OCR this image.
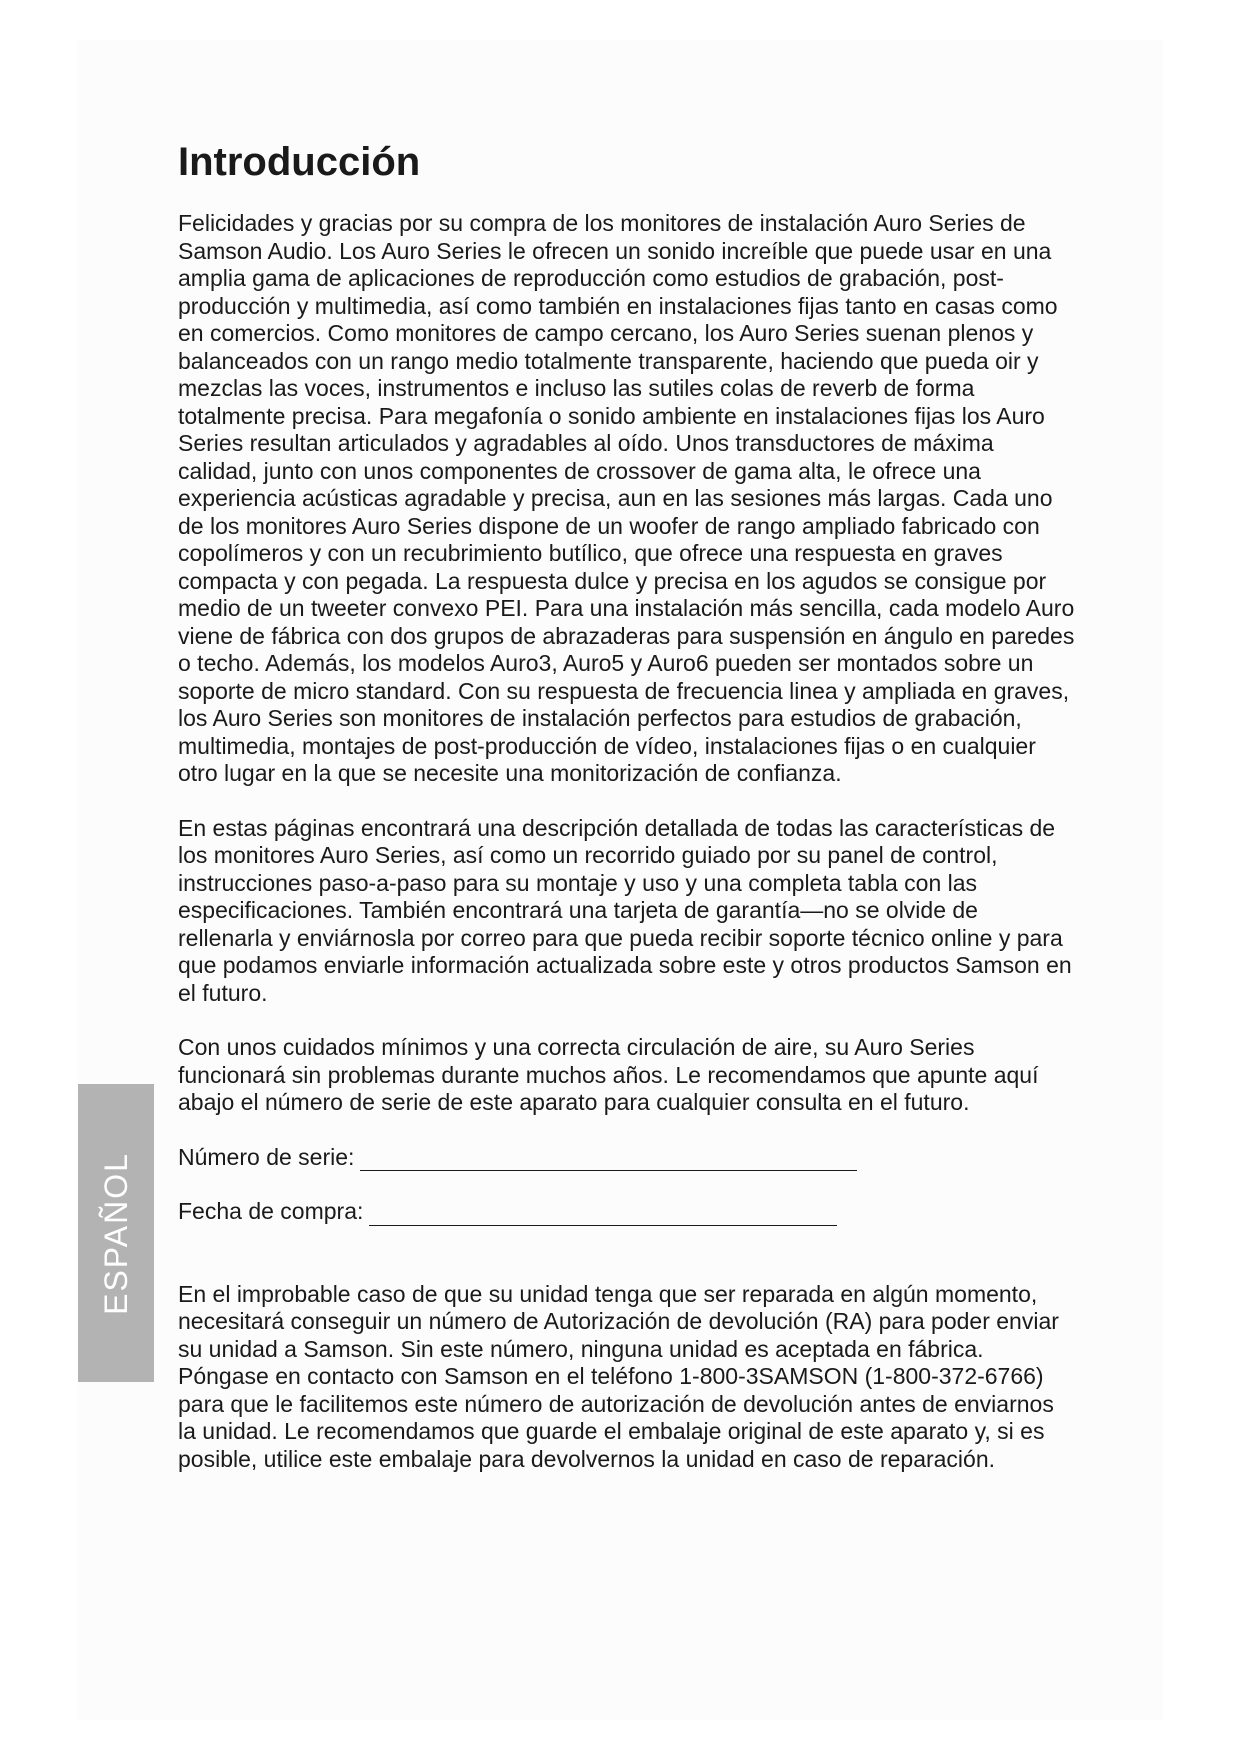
Introducción

Felicidades y gracias por su compra de los monitores de instalación Auro Series de Samson Audio. Los Auro Series le ofrecen un sonido increíble que puede usar en una amplia gama de aplicaciones de reproducción como estudios de grabación, post-producción y multimedia, así como también en instalaciones fijas tanto en casas como en comercios. Como monitores de campo cercano, los Auro Series suenan plenos y balanceados con un rango medio totalmente transparente, haciendo que pueda oir y mezclas las voces, instrumentos e incluso las sutiles colas de reverb de forma totalmente precisa. Para megafonía o sonido ambiente en instalaciones fijas los Auro Series resultan articulados y agradables al oído. Unos transductores de máxima calidad, junto con unos componentes de crossover de gama alta, le ofrece una experiencia acústicas agradable y precisa, aun en las sesiones más largas. Cada uno de los monitores Auro Series dispone de un woofer de rango ampliado fabricado con copolímeros y con un recubrimiento butílico, que ofrece una respuesta en graves compacta y con pegada. La respuesta dulce y precisa en los agudos se consigue por medio de un tweeter convexo PEI. Para una instalación más sencilla, cada modelo Auro viene de fábrica con dos grupos de abrazaderas para suspensión en ángulo en paredes o techo. Además, los modelos Auro3, Auro5 y Auro6 pueden ser montados sobre un soporte de micro standard. Con su respuesta de frecuencia linea y ampliada en graves, los Auro Series son monitores de instalación perfectos para estudios de grabación, multimedia, montajes de post-producción de vídeo, instalaciones fijas o en cualquier otro lugar en la que se necesite una monitorización de confianza.

En estas páginas encontrará una descripción detallada de todas las características de los monitores Auro Series, así como un recorrido guiado por su panel de control, instrucciones paso-a-paso para su montaje y uso y una completa tabla con las especificaciones. También encontrará una tarjeta de garantía—no se olvide de rellenarla y enviárnosla por correo para que pueda recibir soporte técnico online y para que podamos enviarle información actualizada sobre este y otros productos Samson en el futuro.

Con unos cuidados mínimos y una correcta circulación de aire, su Auro Series funcionará sin problemas durante muchos años. Le recomendamos que apunte aquí abajo el número de serie de este aparato para cualquier consulta en el futuro.

Número de serie:
Fecha de compra:

En el improbable caso de que su unidad tenga que ser reparada en algún momento, necesitará conseguir un número de Autorización de devolución (RA) para poder enviar su unidad a Samson. Sin este número, ninguna unidad es aceptada en fábrica. Póngase en contacto con Samson en el teléfono 1-800-3SAMSON (1-800-372-6766) para que le facilitemos este número de autorización de devolución antes de enviarnos la unidad. Le recomendamos que guarde el embalaje original de este aparato y, si es posible, utilice este embalaje para devolvernos la unidad en caso de reparación.

ESPAÑOL
